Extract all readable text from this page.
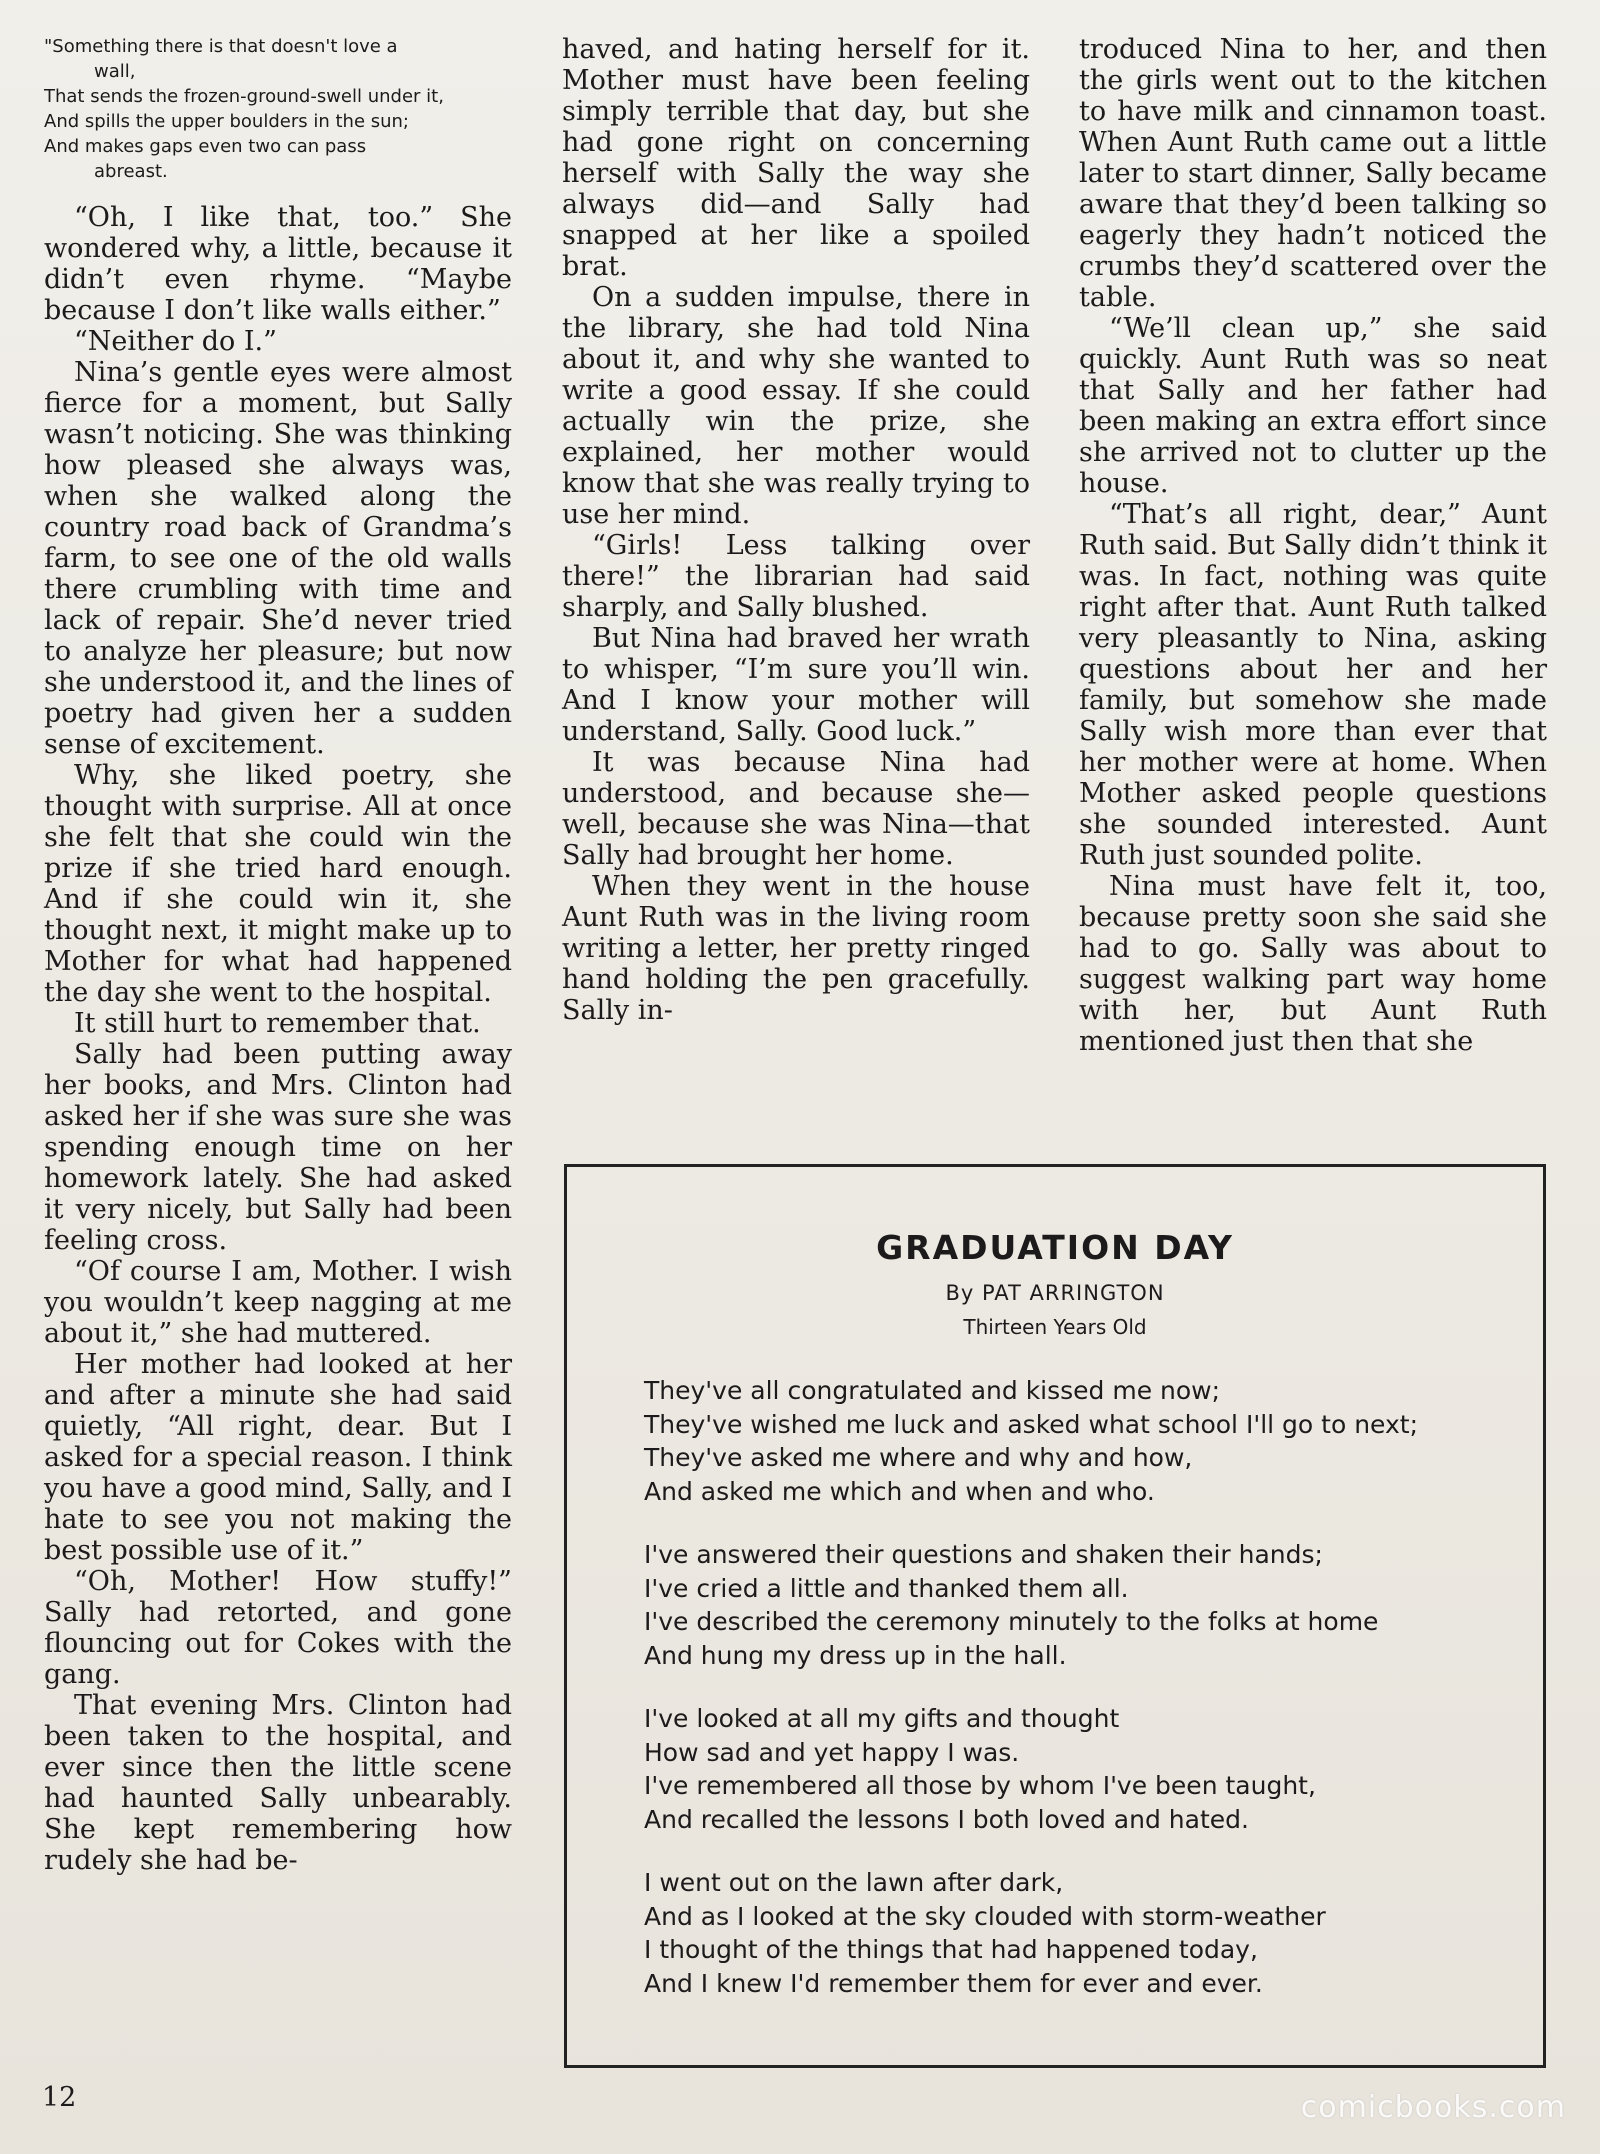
"Something there is that doesn't love a
wall,
That sends the frozen-ground-swell under it,
And spills the upper boulders in the sun;
And makes gaps even two can pass
abreast.

“Oh, I like that, too.” She wondered why, a little, because it didn’t even rhyme. “Maybe because I don’t like walls either.”

“Neither do I.”

Nina’s gentle eyes were almost fierce for a moment, but Sally wasn’t noticing. She was thinking how pleased she always was, when she walked along the country road back of Grandma’s farm, to see one of the old walls there crumbling with time and lack of repair. She’d never tried to analyze her pleasure; but now she understood it, and the lines of poetry had given her a sudden sense of excitement.

Why, she liked poetry, she thought with surprise. All at once she felt that she could win the prize if she tried hard enough. And if she could win it, she thought next, it might make up to Mother for what had happened the day she went to the hospital.

It still hurt to remember that.

Sally had been putting away her books, and Mrs. Clinton had asked her if she was sure she was spending enough time on her homework lately. She had asked it very nicely, but Sally had been feeling cross.

“Of course I am, Mother. I wish you wouldn’t keep nagging at me about it,” she had muttered.

Her mother had looked at her and after a minute she had said quietly, “All right, dear. But I asked for a special reason. I think you have a good mind, Sally, and I hate to see you not making the best possible use of it.”

“Oh, Mother! How stuffy!” Sally had retorted, and gone flouncing out for Cokes with the gang.

That evening Mrs. Clinton had been taken to the hospital, and ever since then the little scene had haunted Sally unbearably. She kept remembering how rudely she had be-

haved, and hating herself for it. Mother must have been feeling simply terrible that day, but she had gone right on concerning herself with Sally the way she always did—and Sally had snapped at her like a spoiled brat.

On a sudden impulse, there in the library, she had told Nina about it, and why she wanted to write a good essay. If she could actually win the prize, she explained, her mother would know that she was really trying to use her mind.

“Girls! Less talking over there!” the librarian had said sharply, and Sally blushed.

But Nina had braved her wrath to whisper, “I’m sure you’ll win. And I know your mother will understand, Sally. Good luck.”

It was because Nina had understood, and because she—well, because she was Nina—that Sally had brought her home.

When they went in the house Aunt Ruth was in the living room writing a letter, her pretty ringed hand holding the pen gracefully. Sally in-

troduced Nina to her, and then the girls went out to the kitchen to have milk and cinnamon toast. When Aunt Ruth came out a little later to start dinner, Sally became aware that they’d been talking so eagerly they hadn’t noticed the crumbs they’d scattered over the table.

“We’ll clean up,” she said quickly. Aunt Ruth was so neat that Sally and her father had been making an extra effort since she arrived not to clutter up the house.

“That’s all right, dear,” Aunt Ruth said. But Sally didn’t think it was. In fact, nothing was quite right after that. Aunt Ruth talked very pleasantly to Nina, asking questions about her and her family, but somehow she made Sally wish more than ever that her mother were at home. When Mother asked people questions she sounded interested. Aunt Ruth just sounded polite.

Nina must have felt it, too, because pretty soon she said she had to go. Sally was about to suggest walking part way home with her, but Aunt Ruth mentioned just then that she

GRADUATION DAY
By PAT ARRINGTON
Thirteen Years Old
They've all congratulated and kissed me now;
They've wished me luck and asked what school I'll go to next;
They've asked me where and why and how,
And asked me which and when and who.
I've answered their questions and shaken their hands;
I've cried a little and thanked them all.
I've described the ceremony minutely to the folks at home
And hung my dress up in the hall.
I've looked at all my gifts and thought
How sad and yet happy I was.
I've remembered all those by whom I've been taught,
And recalled the lessons I both loved and hated.
I went out on the lawn after dark,
And as I looked at the sky clouded with storm-weather
I thought of the things that had happened today,
And I knew I'd remember them for ever and ever.
12	comicbooks.com
